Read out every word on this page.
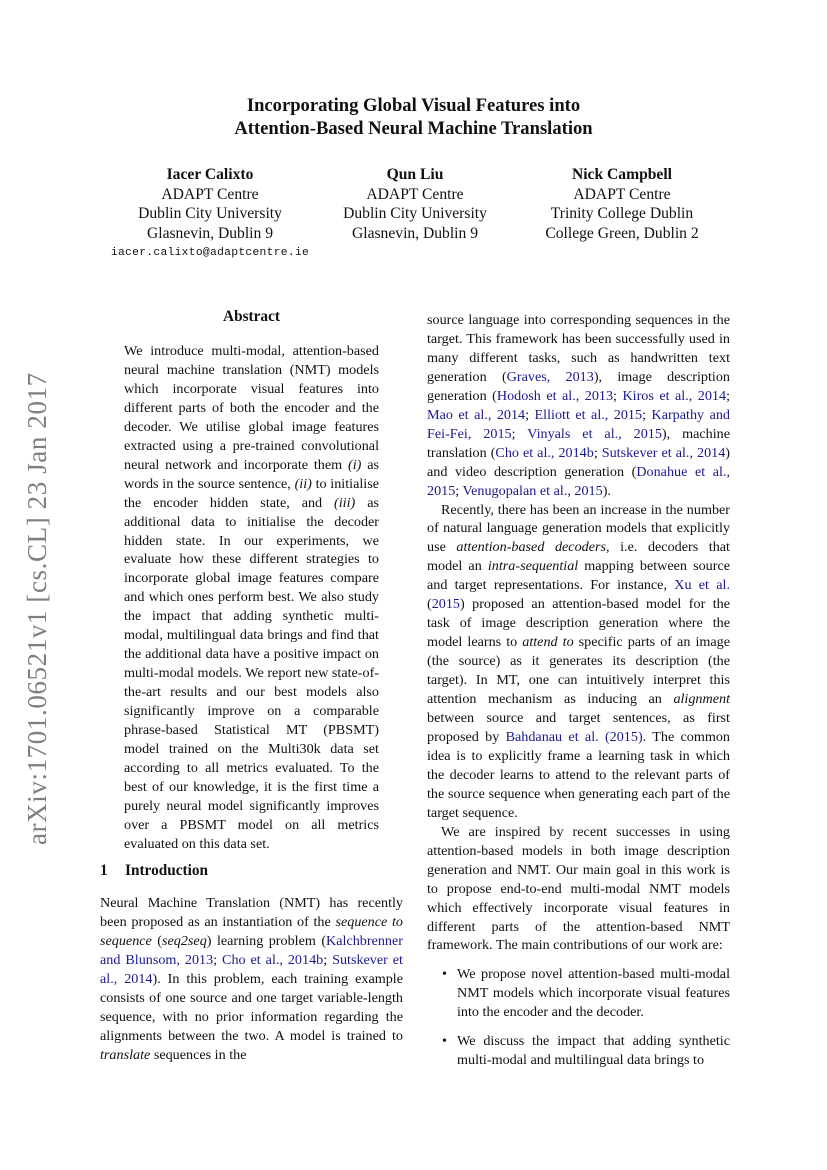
Incorporating Global Visual Features into
Attention-Based Neural Machine Translation
Iacer Calixto
ADAPT Centre
Dublin City University
Glasnevin, Dublin 9
iacer.calixto@adaptcentre.ie
Qun Liu
ADAPT Centre
Dublin City University
Glasnevin, Dublin 9
Nick Campbell
ADAPT Centre
Trinity College Dublin
College Green, Dublin 2
arXiv:1701.06521v1 [cs.CL] 23 Jan 2017
Abstract
We introduce multi-modal, attention-based neural machine translation (NMT) models which incorporate visual features into different parts of both the encoder and the decoder. We utilise global image features extracted using a pre-trained convolutional neural network and incorporate them (i) as words in the source sentence, (ii) to initialise the encoder hidden state, and (iii) as additional data to initialise the decoder hidden state. In our experiments, we evaluate how these different strategies to incorporate global image features compare and which ones perform best. We also study the impact that adding synthetic multi-modal, multilingual data brings and find that the additional data have a positive impact on multi-modal models. We report new state-of-the-art results and our best models also significantly improve on a comparable phrase-based Statistical MT (PBSMT) model trained on the Multi30k data set according to all metrics evaluated. To the best of our knowledge, it is the first time a purely neural model significantly improves over a PBSMT model on all metrics evaluated on this data set.
1 Introduction

Neural Machine Translation (NMT) has recently been proposed as an instantiation of the sequence to sequence (seq2seq) learning problem (Kalchbrenner and Blunsom, 2013; Cho et al., 2014b; Sutskever et al., 2014). In this problem, each training example consists of one source and one target variable-length sequence, with no prior information regarding the alignments between the two. A model is trained to translate sequences in the

source language into corresponding sequences in the target. This framework has been successfully used in many different tasks, such as handwritten text generation (Graves, 2013), image description generation (Hodosh et al., 2013; Kiros et al., 2014; Mao et al., 2014; Elliott et al., 2015; Karpathy and Fei-Fei, 2015; Vinyals et al., 2015), machine translation (Cho et al., 2014b; Sutskever et al., 2014) and video description generation (Donahue et al., 2015; Venugopalan et al., 2015).

Recently, there has been an increase in the number of natural language generation models that explicitly use attention-based decoders, i.e. decoders that model an intra-sequential mapping between source and target representations. For instance, Xu et al. (2015) proposed an attention-based model for the task of image description generation where the model learns to attend to specific parts of an image (the source) as it generates its description (the target). In MT, one can intuitively interpret this attention mechanism as inducing an alignment between source and target sentences, as first proposed by Bahdanau et al. (2015). The common idea is to explicitly frame a learning task in which the decoder learns to attend to the relevant parts of the source sequence when generating each part of the target sequence.

We are inspired by recent successes in using attention-based models in both image description generation and NMT. Our main goal in this work is to propose end-to-end multi-modal NMT models which effectively incorporate visual features in different parts of the attention-based NMT framework. The main contributions of our work are:

• We propose novel attention-based multi-modal NMT models which incorporate visual features into the encoder and the decoder.
• We discuss the impact that adding synthetic multi-modal and multilingual data brings to
